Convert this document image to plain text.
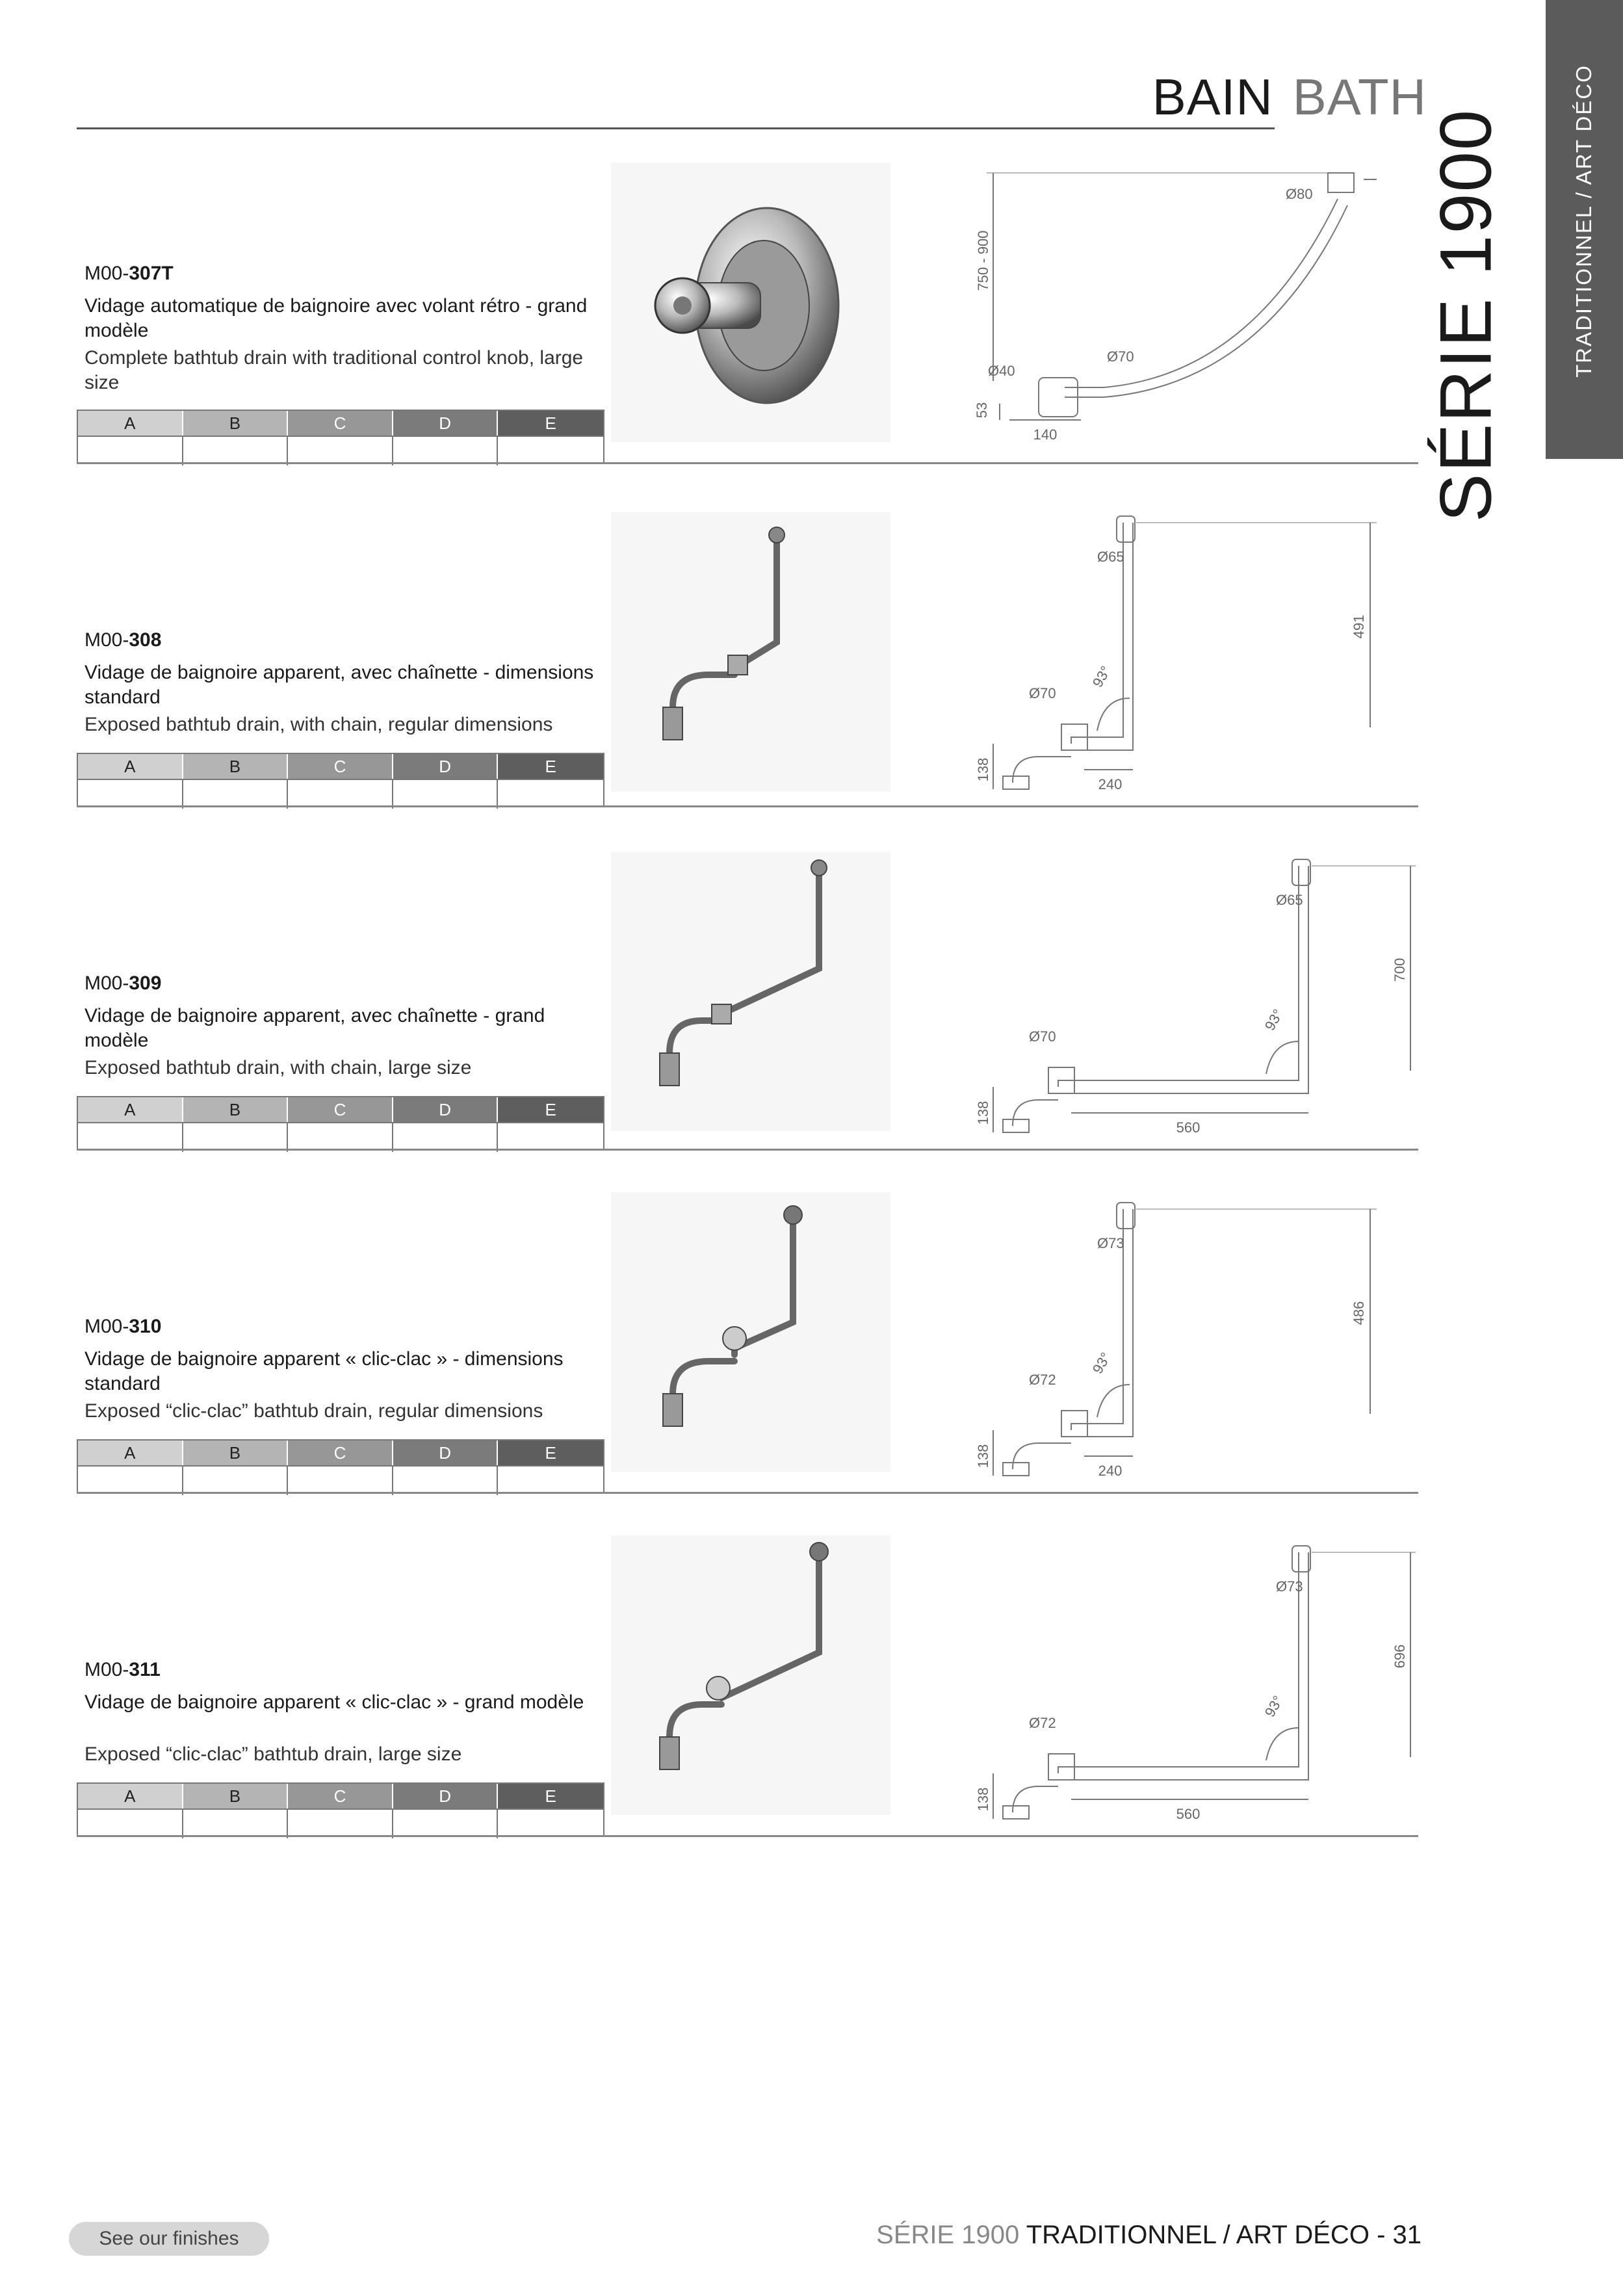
BAIN BATH	TRADITIONNEL / ART DÉCO
SÉRIE 1900
Ø80
Ø70
Ø40
750 - 900
53
140
M00-307T
Vidage automatique de baignoire avec volant rétro - grand modèle
Complete bathtub drain with traditional control knob, large size
A	B	C	D	E
Ø65
491
Ø70
93°
138
240
M00-308
Vidage de baignoire apparent, avec chaînette - dimensions standard
Exposed bathtub drain, with chain, regular dimensions
A	B	C	D	E
Ø65
700
Ø70
93°
138
560
M00-309
Vidage de baignoire apparent, avec chaînette - grand modèle
Exposed bathtub drain, with chain, large size
A	B	C	D	E
Ø73
486
Ø72
93°
138
240
M00-310
Vidage de baignoire apparent « clic-clac » - dimensions standard
Exposed “clic-clac” bathtub drain, regular dimensions
A	B	C	D	E
Ø73
696
Ø72
93°
138
560
M00-311
Vidage de baignoire apparent « clic-clac » - grand modèle
Exposed “clic-clac” bathtub drain, large size
A	B	C	D	E
See our finishes	SÉRIE 1900 TRADITIONNEL / ART DÉCO - 31
